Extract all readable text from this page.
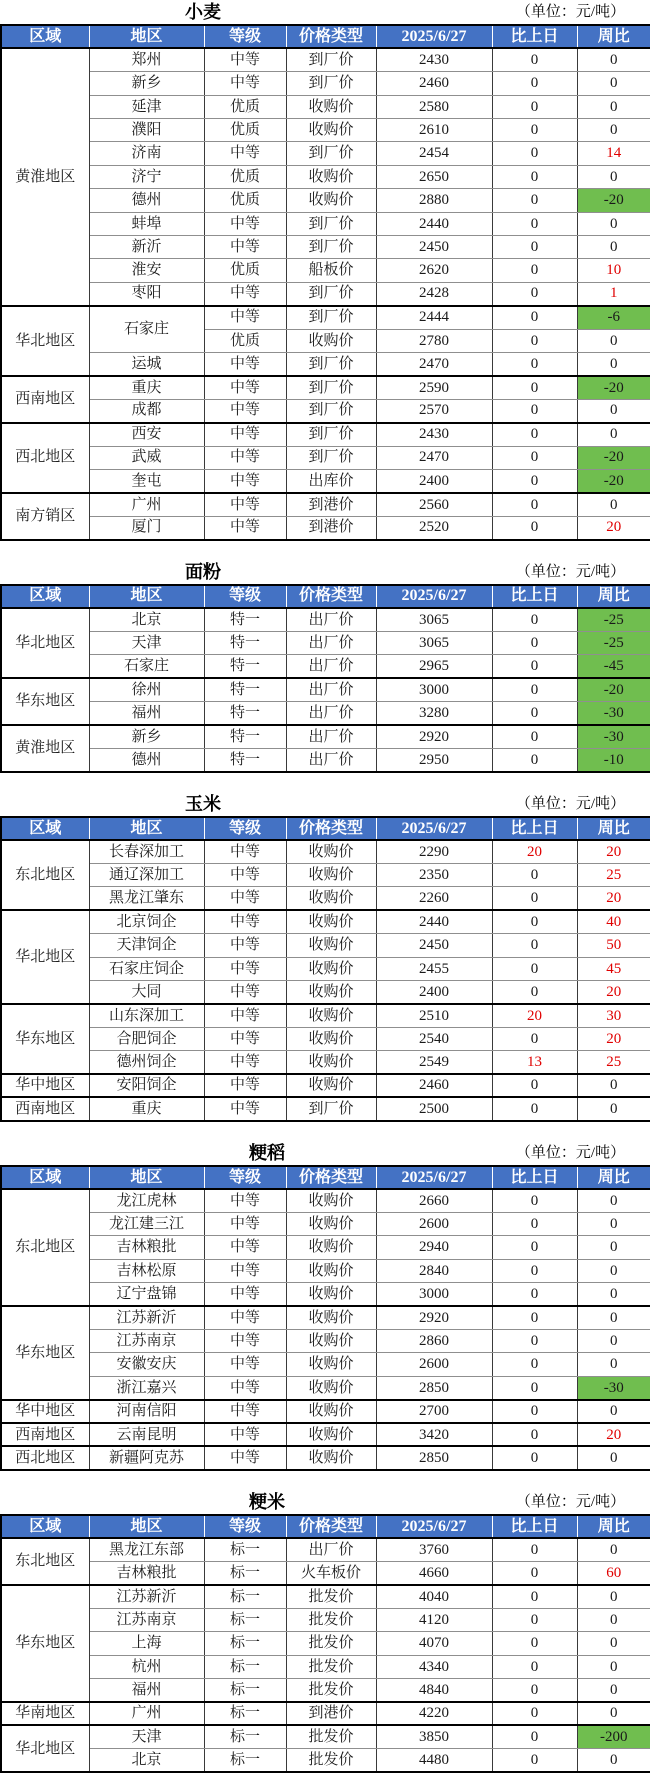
小麦	（单位：元/吨）
区域	地区	等级	价格类型	2025/6/27	比上日	周比
黄淮地区	郑州	中等	到厂价	2430	0	0
	新乡	中等	到厂价	2460	0	0
	延津	优质	收购价	2580	0	0
	濮阳	优质	收购价	2610	0	0
	济南	中等	到厂价	2454	0	14
	济宁	优质	收购价	2650	0	0
	德州	优质	收购价	2880	0	-20
	蚌埠	中等	到厂价	2440	0	0
	新沂	中等	到厂价	2450	0	0
	淮安	优质	船板价	2620	0	10
	枣阳	中等	到厂价	2428	0	1
华北地区	石家庄	中等	到厂价	2444	0	-6
		优质	收购价	2780	0	0
	运城	中等	到厂价	2470	0	0
西南地区	重庆	中等	到厂价	2590	0	-20
	成都	中等	到厂价	2570	0	0
西北地区	西安	中等	到厂价	2430	0	0
	武威	中等	到厂价	2470	0	-20
	奎屯	中等	出库价	2400	0	-20
南方销区	广州	中等	到港价	2560	0	0
	厦门	中等	到港价	2520	0	20
面粉	（单位：元/吨）
区域	地区	等级	价格类型	2025/6/27	比上日	周比
华北地区	北京	特一	出厂价	3065	0	-25
	天津	特一	出厂价	3065	0	-25
	石家庄	特一	出厂价	2965	0	-45
华东地区	徐州	特一	出厂价	3000	0	-20
	福州	特一	出厂价	3280	0	-30
黄淮地区	新乡	特一	出厂价	2920	0	-30
	德州	特一	出厂价	2950	0	-10
玉米	（单位：元/吨）
区域	地区	等级	价格类型	2025/6/27	比上日	周比
东北地区	长春深加工	中等	收购价	2290	20	20
	通辽深加工	中等	收购价	2350	0	25
	黑龙江肇东	中等	收购价	2260	0	20
华北地区	北京饲企	中等	收购价	2440	0	40
	天津饲企	中等	收购价	2450	0	50
	石家庄饲企	中等	收购价	2455	0	45
	大同	中等	收购价	2400	0	20
华东地区	山东深加工	中等	收购价	2510	20	30
	合肥饲企	中等	收购价	2540	0	20
	德州饲企	中等	收购价	2549	13	25
华中地区	安阳饲企	中等	收购价	2460	0	0
西南地区	重庆	中等	到厂价	2500	0	0
粳稻	（单位：元/吨）
区域	地区	等级	价格类型	2025/6/27	比上日	周比
东北地区	龙江虎林	中等	收购价	2660	0	0
	龙江建三江	中等	收购价	2600	0	0
	吉林粮批	中等	收购价	2940	0	0
	吉林松原	中等	收购价	2840	0	0
	辽宁盘锦	中等	收购价	3000	0	0
华东地区	江苏新沂	中等	收购价	2920	0	0
	江苏南京	中等	收购价	2860	0	0
	安徽安庆	中等	收购价	2600	0	0
	浙江嘉兴	中等	收购价	2850	0	-30
华中地区	河南信阳	中等	收购价	2700	0	0
西南地区	云南昆明	中等	收购价	3420	0	20
西北地区	新疆阿克苏	中等	收购价	2850	0	0
粳米	（单位：元/吨）
区域	地区	等级	价格类型	2025/6/27	比上日	周比
东北地区	黑龙江东部	标一	出厂价	3760	0	0
	吉林粮批	标一	火车板价	4660	0	60
华东地区	江苏新沂	标一	批发价	4040	0	0
	江苏南京	标一	批发价	4120	0	0
	上海	标一	批发价	4070	0	0
	杭州	标一	批发价	4340	0	0
	福州	标一	批发价	4840	0	0
华南地区	广州	标一	到港价	4220	0	0
华北地区	天津	标一	批发价	3850	0	-200
	北京	标一	批发价	4480	0	0
